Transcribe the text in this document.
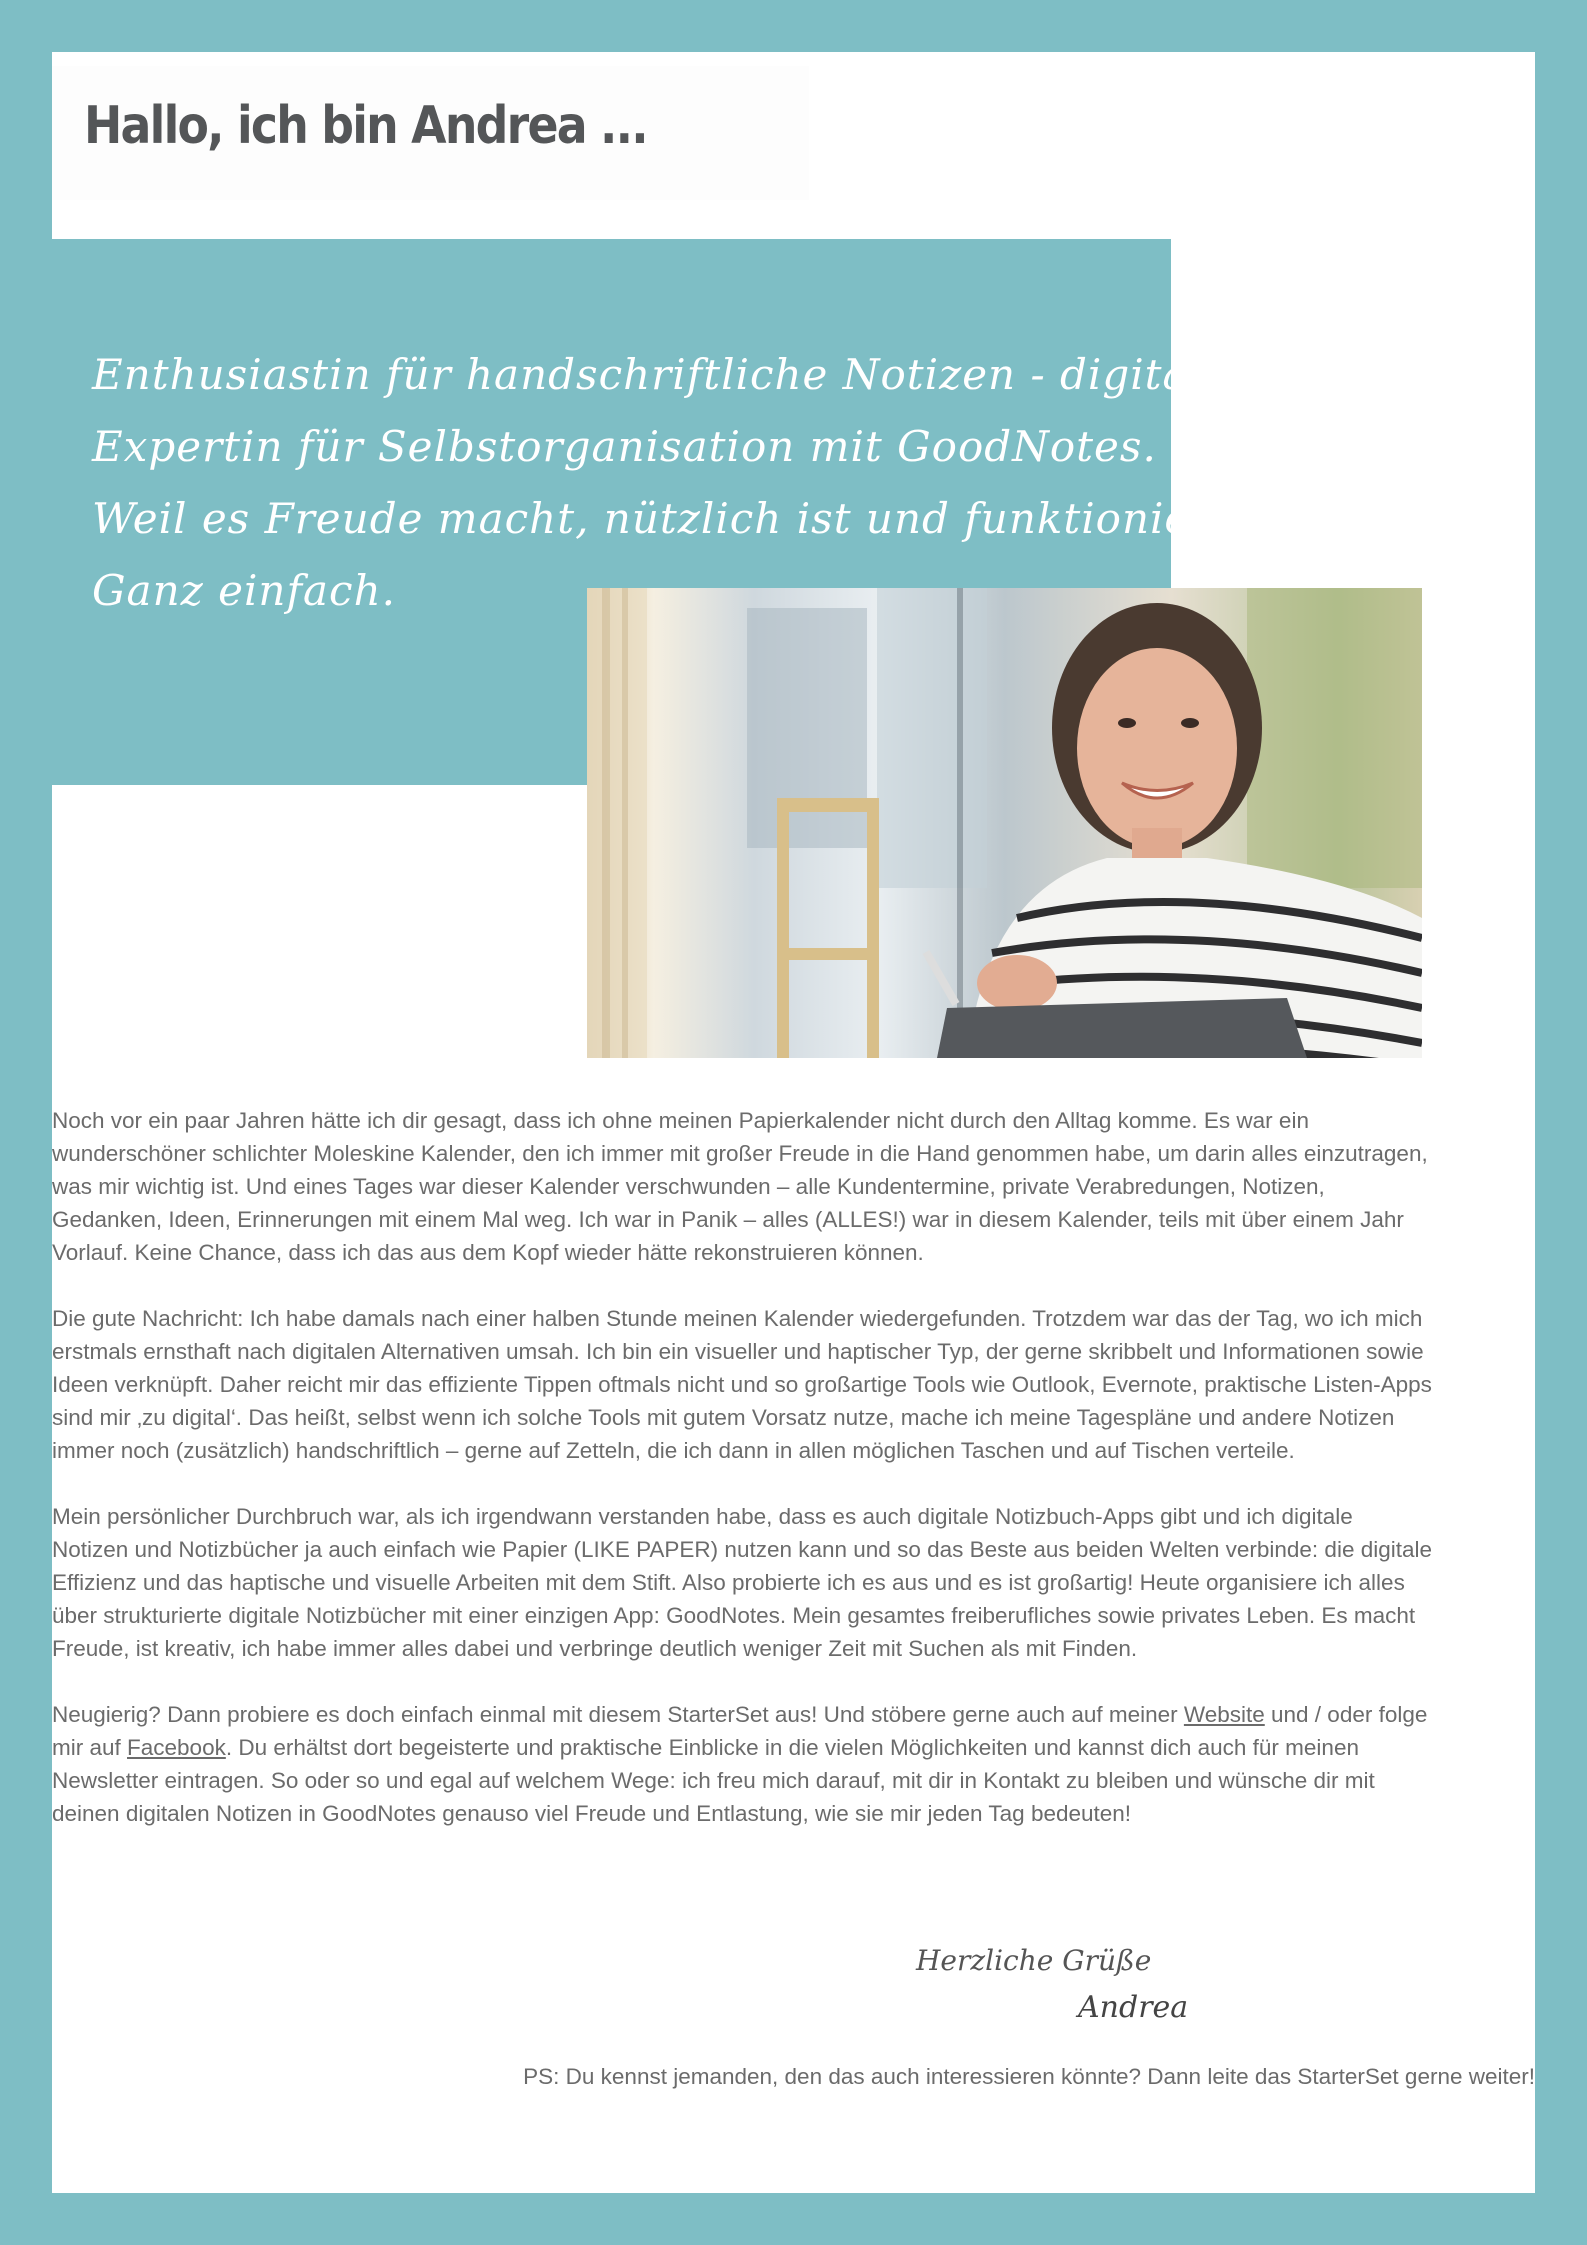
Hallo, ich bin Andrea ...
Enthusiastin für handschriftliche Notizen - digital!
Expertin für Selbstorganisation mit GoodNotes.
Weil es Freude macht, nützlich ist und funktioniert.
Ganz einfach.

Noch vor ein paar Jahren hätte ich dir gesagt, dass ich ohne meinen Papierkalender nicht durch den Alltag komme. Es war ein wunderschöner schlichter Moleskine Kalender, den ich immer mit großer Freude in die Hand genommen habe, um darin alles einzutragen, was mir wichtig ist. Und eines Tages war dieser Kalender verschwunden – alle Kundentermine, private Verabredungen, Notizen, Gedanken, Ideen, Erinnerungen mit einem Mal weg. Ich war in Panik – alles (ALLES!) war in diesem Kalender, teils mit über einem Jahr Vorlauf. Keine Chance, dass ich das aus dem Kopf wieder hätte rekonstruieren können.

Die gute Nachricht: Ich habe damals nach einer halben Stunde meinen Kalender wiedergefunden. Trotzdem war das der Tag, wo ich mich erstmals ernsthaft nach digitalen Alternativen umsah. Ich bin ein visueller und haptischer Typ, der gerne skribbelt und Informationen sowie Ideen verknüpft. Daher reicht mir das effiziente Tippen oftmals nicht und so großartige Tools wie Outlook, Evernote, praktische Listen-Apps sind mir ‚zu digital‘. Das heißt, selbst wenn ich solche Tools mit gutem Vorsatz nutze, mache ich meine Tagespläne und andere Notizen immer noch (zusätzlich) handschriftlich – gerne auf Zetteln, die ich dann in allen möglichen Taschen und auf Tischen verteile.

Mein persönlicher Durchbruch war, als ich irgendwann verstanden habe, dass es auch digitale Notizbuch-Apps gibt und ich digitale Notizen und Notizbücher ja auch einfach wie Papier (LIKE PAPER) nutzen kann und so das Beste aus beiden Welten verbinde: die digitale Effizienz und das haptische und visuelle Arbeiten mit dem Stift. Also probierte ich es aus und es ist großartig! Heute organisiere ich alles über strukturierte digitale Notizbücher mit einer einzigen App: GoodNotes. Mein gesamtes freiberufliches sowie privates Leben. Es macht Freude, ist kreativ, ich habe immer alles dabei und verbringe deutlich weniger Zeit mit Suchen als mit Finden.

Neugierig? Dann probiere es doch einfach einmal mit diesem StarterSet aus! Und stöbere gerne auch auf meiner Website und / oder folge mir auf Facebook. Du erhältst dort begeisterte und praktische Einblicke in die vielen Möglichkeiten und kannst dich auch für meinen Newsletter eintragen. So oder so und egal auf welchem Wege: ich freu mich darauf, mit dir in Kontakt zu bleiben und wünsche dir mit deinen digitalen Notizen in GoodNotes genauso viel Freude und Entlastung, wie sie mir jeden Tag bedeuten!

Herzliche Grüße
Andrea
PS: Du kennst jemanden, den das auch interessieren könnte? Dann leite das StarterSet gerne weiter!
